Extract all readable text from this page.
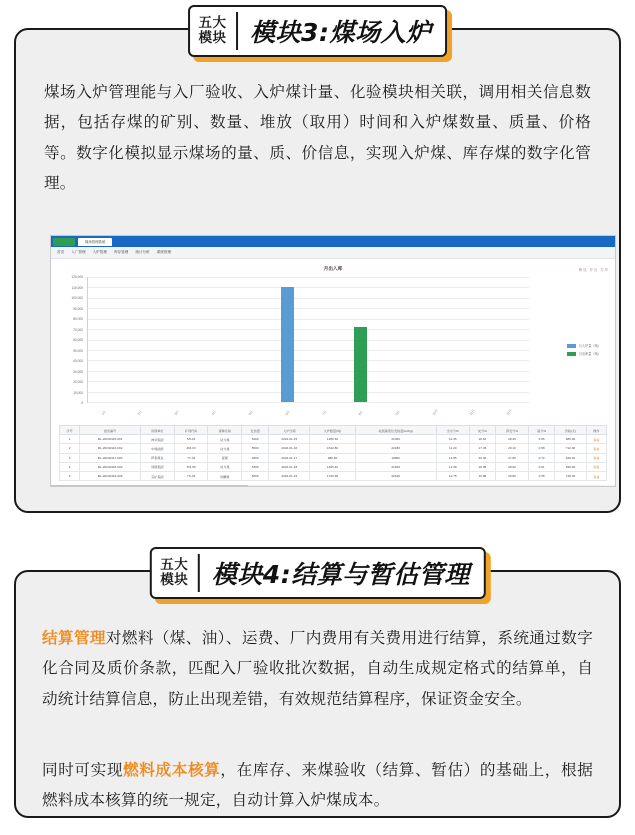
五大
模块 模块3:煤场入炉
煤场入炉管理能与入厂验收、入炉煤计量、化验模块相关联，调用相关信息数据，包括存煤的矿别、数量、堆放（取用）时间和入炉煤数量、质量、价格等。数字化模拟显示煤场的量、质、价信息，实现入炉煤、库存煤的数字化管理。
煤场管理系统
首页 入厂管理 入炉管理 库存管理 统计分析 系统管理
月出入库	筛选 导出 打印
120,000
110,000
100,000
90,000
80,000
70,000
60,000
50,000
40,000
30,000
20,000
10,000
0
1月	2月	3月	4月	5月	6月	7月	8月	9月	10月	11月	12月
月入炉量（吨）
月出库量（吨）
序号	批次编号	供煤单位	矿别代码	煤种名称	发热量	入炉日期	入炉数量(吨)	收到基低位发热量(kJ/kg)	全水分%	灰分%	挥发分%	硫分%	价格(元)	操作
1	RL-20240115-001	神华集团	SH-01	动力煤	5200	2024-01-15	1280.50	21050	12.35	18.62	28.45	0.65	685.00	查看
2	RL-20240116-002	中煤能源	ZM-03	动力煤	5500	2024-01-16	1542.80	22180	11.20	17.45	29.10	0.58	712.00	查看
3	RL-20240117-003	伊泰煤业	YT-02	混煤	4800	2024-01-17	980.60	19860	13.85	20.30	27.80	0.72	640.00	查看
4	RL-20240118-004	同煤集团	TM-05	动力煤	5300	2024-01-18	1365.40	21460	12.08	18.05	28.92	0.61	695.00	查看
5	RL-20240119-005	兖矿集团	YK-01	洗精煤	5600	2024-01-19	1720.90	22640	10.75	16.88	29.65	0.55	738.00	查看
五大
模块 模块4:结算与暂估管理
结算管理对燃料（煤、油）、运费、厂内费用有关费用进行结算，系统通过数字化合同及质价条款，匹配入厂验收批次数据，自动生成规定格式的结算单，自动统计结算信息，防止出现差错，有效规范结算程序，保证资金安全。
同时可实现燃料成本核算，在库存、来煤验收（结算、暂估）的基础上，根据燃料成本核算的统一规定，自动计算入炉煤成本。
